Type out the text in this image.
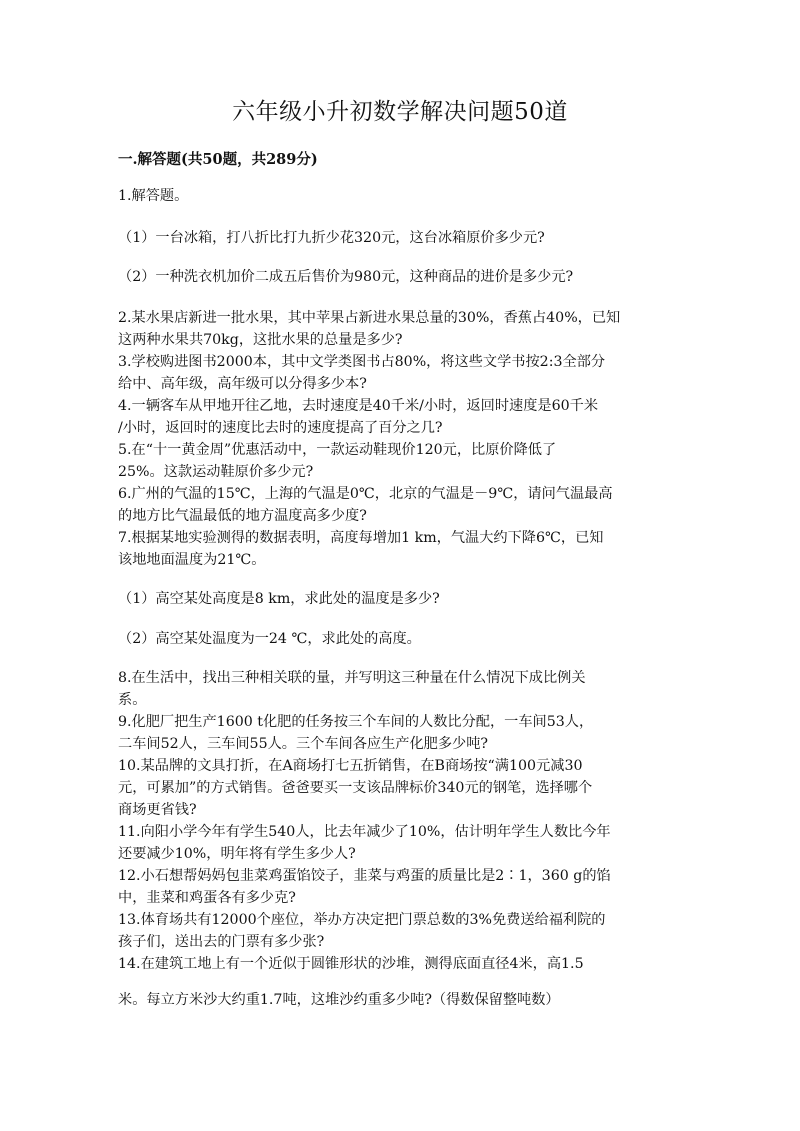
六年级小升初数学解决问题50道
一.解答题(共50题，共289分)
1.解答题。
（1）一台冰箱，打八折比打九折少花320元，这台冰箱原价多少元?
（2）一种洗衣机加价二成五后售价为980元，这种商品的进价是多少元?
2.某水果店新进一批水果，其中苹果占新进水果总量的30%，香蕉占40%，已知
这两种水果共70kg，这批水果的总量是多少?
3.学校购进图书2000本，其中文学类图书占80%，将这些文学书按2:3全部分
给中、高年级，高年级可以分得多少本?
4.一辆客车从甲地开往乙地，去时速度是40千米/小时，返回时速度是60千米
/小时，返回时的速度比去时的速度提高了百分之几?
5.在“十一黄金周”优惠活动中，一款运动鞋现价120元，比原价降低了
25%。这款运动鞋原价多少元?
6.广州的气温的15℃，上海的气温是0℃，北京的气温是－9℃，请问气温最高
的地方比气温最低的地方温度高多少度?
7.根据某地实验测得的数据表明，高度每增加1 km，气温大约下降6℃，已知
该地地面温度为21℃。
（1）高空某处高度是8 km，求此处的温度是多少?
（2）高空某处温度为一24 ℃，求此处的高度。
8.在生活中，找出三种相关联的量，并写明这三种量在什么情况下成比例关
系。
9.化肥厂把生产1600 t化肥的任务按三个车间的人数比分配，一车间53人，
二车间52人，三车间55人。三个车间各应生产化肥多少吨?
10.某品牌的文具打折，在A商场打七五折销售，在B商场按“满100元减30
元，可累加”的方式销售。爸爸要买一支该品牌标价340元的钢笔，选择哪个
商场更省钱?
11.向阳小学今年有学生540人，比去年减少了10%，估计明年学生人数比今年
还要减少10%，明年将有学生多少人?
12.小石想帮妈妈包韭菜鸡蛋馅饺子，韭菜与鸡蛋的质量比是2∶1，360 g的馅
中，韭菜和鸡蛋各有多少克?
13.体育场共有12000个座位，举办方决定把门票总数的3%免费送给福利院的
孩子们，送出去的门票有多少张?
14.在建筑工地上有一个近似于圆锥形状的沙堆，测得底面直径4米，高1.5
米。每立方米沙大约重1.7吨，这堆沙约重多少吨?（得数保留整吨数）
